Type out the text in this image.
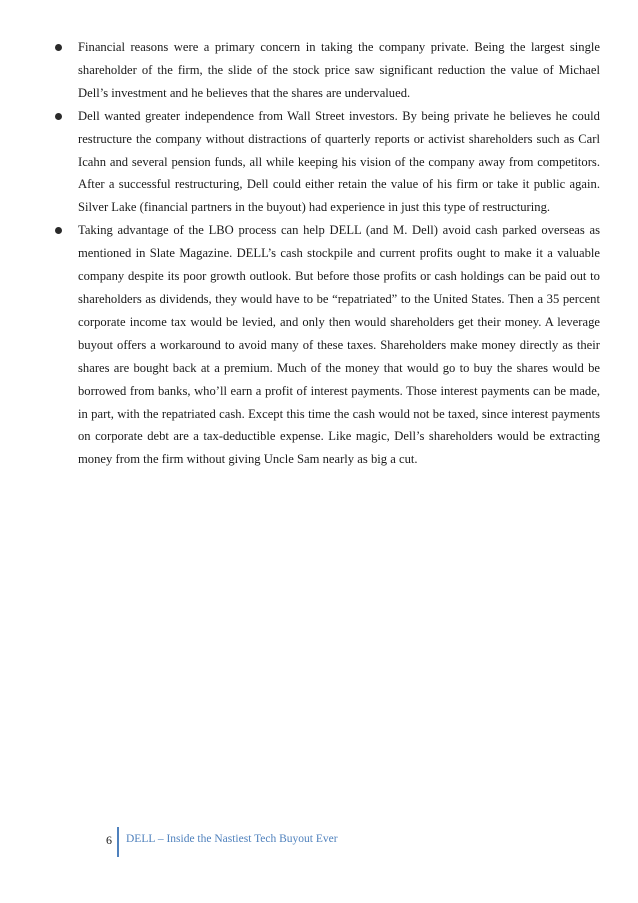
Financial reasons were a primary concern in taking the company private. Being the largest single shareholder of the firm, the slide of the stock price saw significant reduction the value of Michael Dell’s investment and he believes that the shares are undervalued.
Dell wanted greater independence from Wall Street investors. By being private he believes he could restructure the company without distractions of quarterly reports or activist shareholders such as Carl Icahn and several pension funds, all while keeping his vision of the company away from competitors. After a successful restructuring, Dell could either retain the value of his firm or take it public again. Silver Lake (financial partners in the buyout) had experience in just this type of restructuring.
Taking advantage of the LBO process can help DELL (and M. Dell) avoid cash parked overseas as mentioned in Slate Magazine. DELL’s cash stockpile and current profits ought to make it a valuable company despite its poor growth outlook. But before those profits or cash holdings can be paid out to shareholders as dividends, they would have to be “repatriated” to the United States. Then a 35 percent corporate income tax would be levied, and only then would shareholders get their money. A leverage buyout offers a workaround to avoid many of these taxes. Shareholders make money directly as their shares are bought back at a premium. Much of the money that would go to buy the shares would be borrowed from banks, who’ll earn a profit of interest payments. Those interest payments can be made, in part, with the repatriated cash. Except this time the cash would not be taxed, since interest payments on corporate debt are a tax-deductible expense. Like magic, Dell’s shareholders would be extracting money from the firm without giving Uncle Sam nearly as big a cut.
6 DELL – Inside the Nastiest Tech Buyout Ever
